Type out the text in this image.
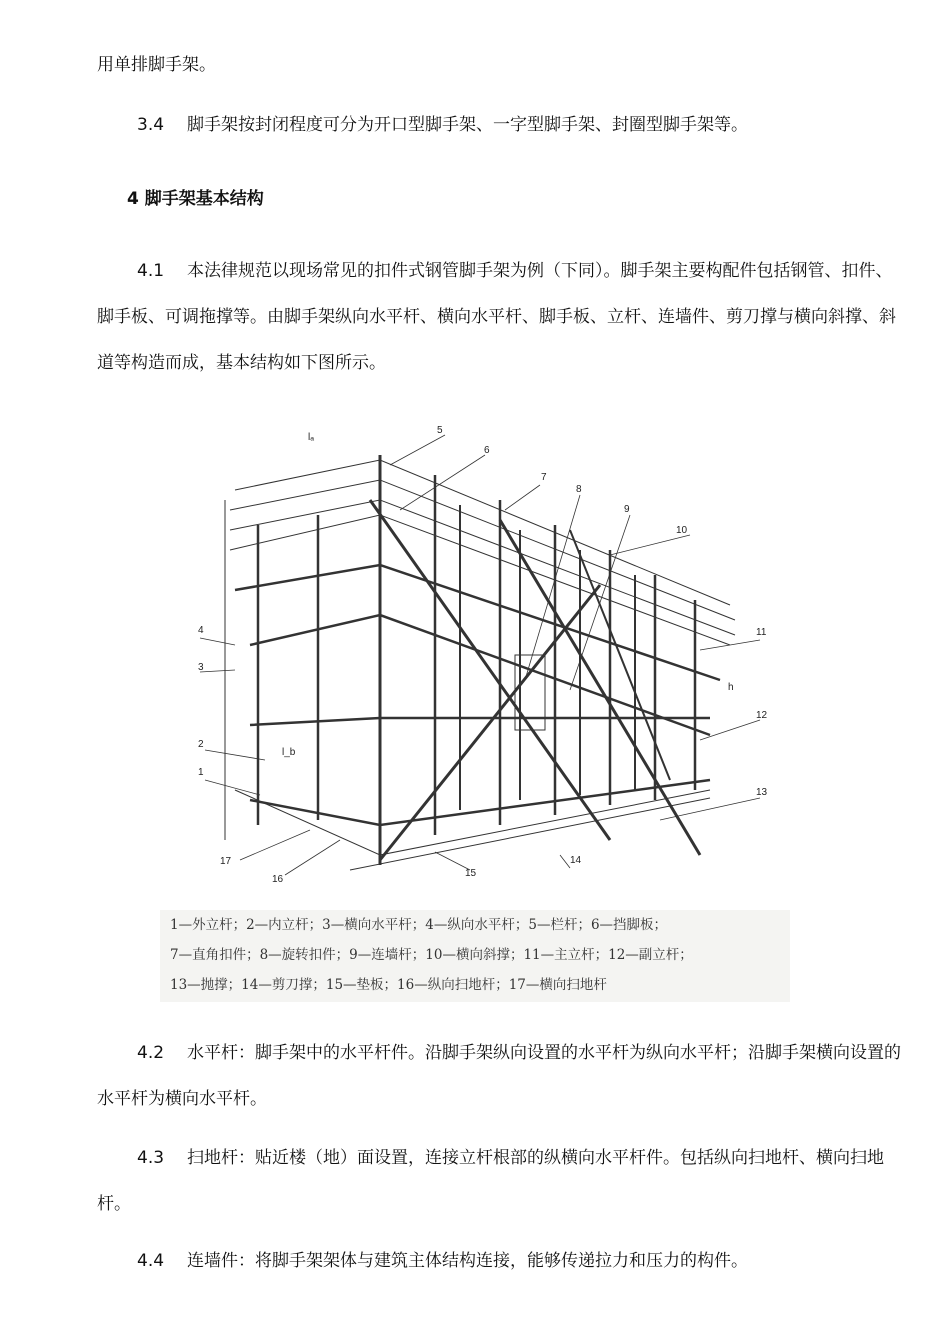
用单排脚手架。

3.4 脚手架按封闭程度可分为开口型脚手架、一字型脚手架、封圈型脚手架等。

4 脚手架基本结构

4.1 本法律规范以现场常见的扣件式钢管脚手架为例（下同）。脚手架主要构配件包括钢管、扣件、脚手板、可调拖撑等。由脚手架纵向水平杆、横向水平杆、脚手板、立杆、连墙件、剪刀撑与横向斜撑、斜道等构造而成，基本结构如下图所示。

5
6
7
8
9
10
11
12
13
14
15
16
17
1
2
3
4
lₐ
l_b
h
1—外立杆；2—内立杆；3—横向水平杆；4—纵向水平杆；5—栏杆；6—挡脚板；
7—直角扣件；8—旋转扣件；9—连墙杆；10—横向斜撑；11—主立杆；12—副立杆；
13—抛撑；14—剪刀撑；15—垫板；16—纵向扫地杆；17—横向扫地杆

4.2 水平杆：脚手架中的水平杆件。沿脚手架纵向设置的水平杆为纵向水平杆；沿脚手架横向设置的水平杆为横向水平杆。

4.3 扫地杆：贴近楼（地）面设置，连接立杆根部的纵横向水平杆件。包括纵向扫地杆、横向扫地杆。

4.4 连墙件：将脚手架架体与建筑主体结构连接，能够传递拉力和压力的构件。
